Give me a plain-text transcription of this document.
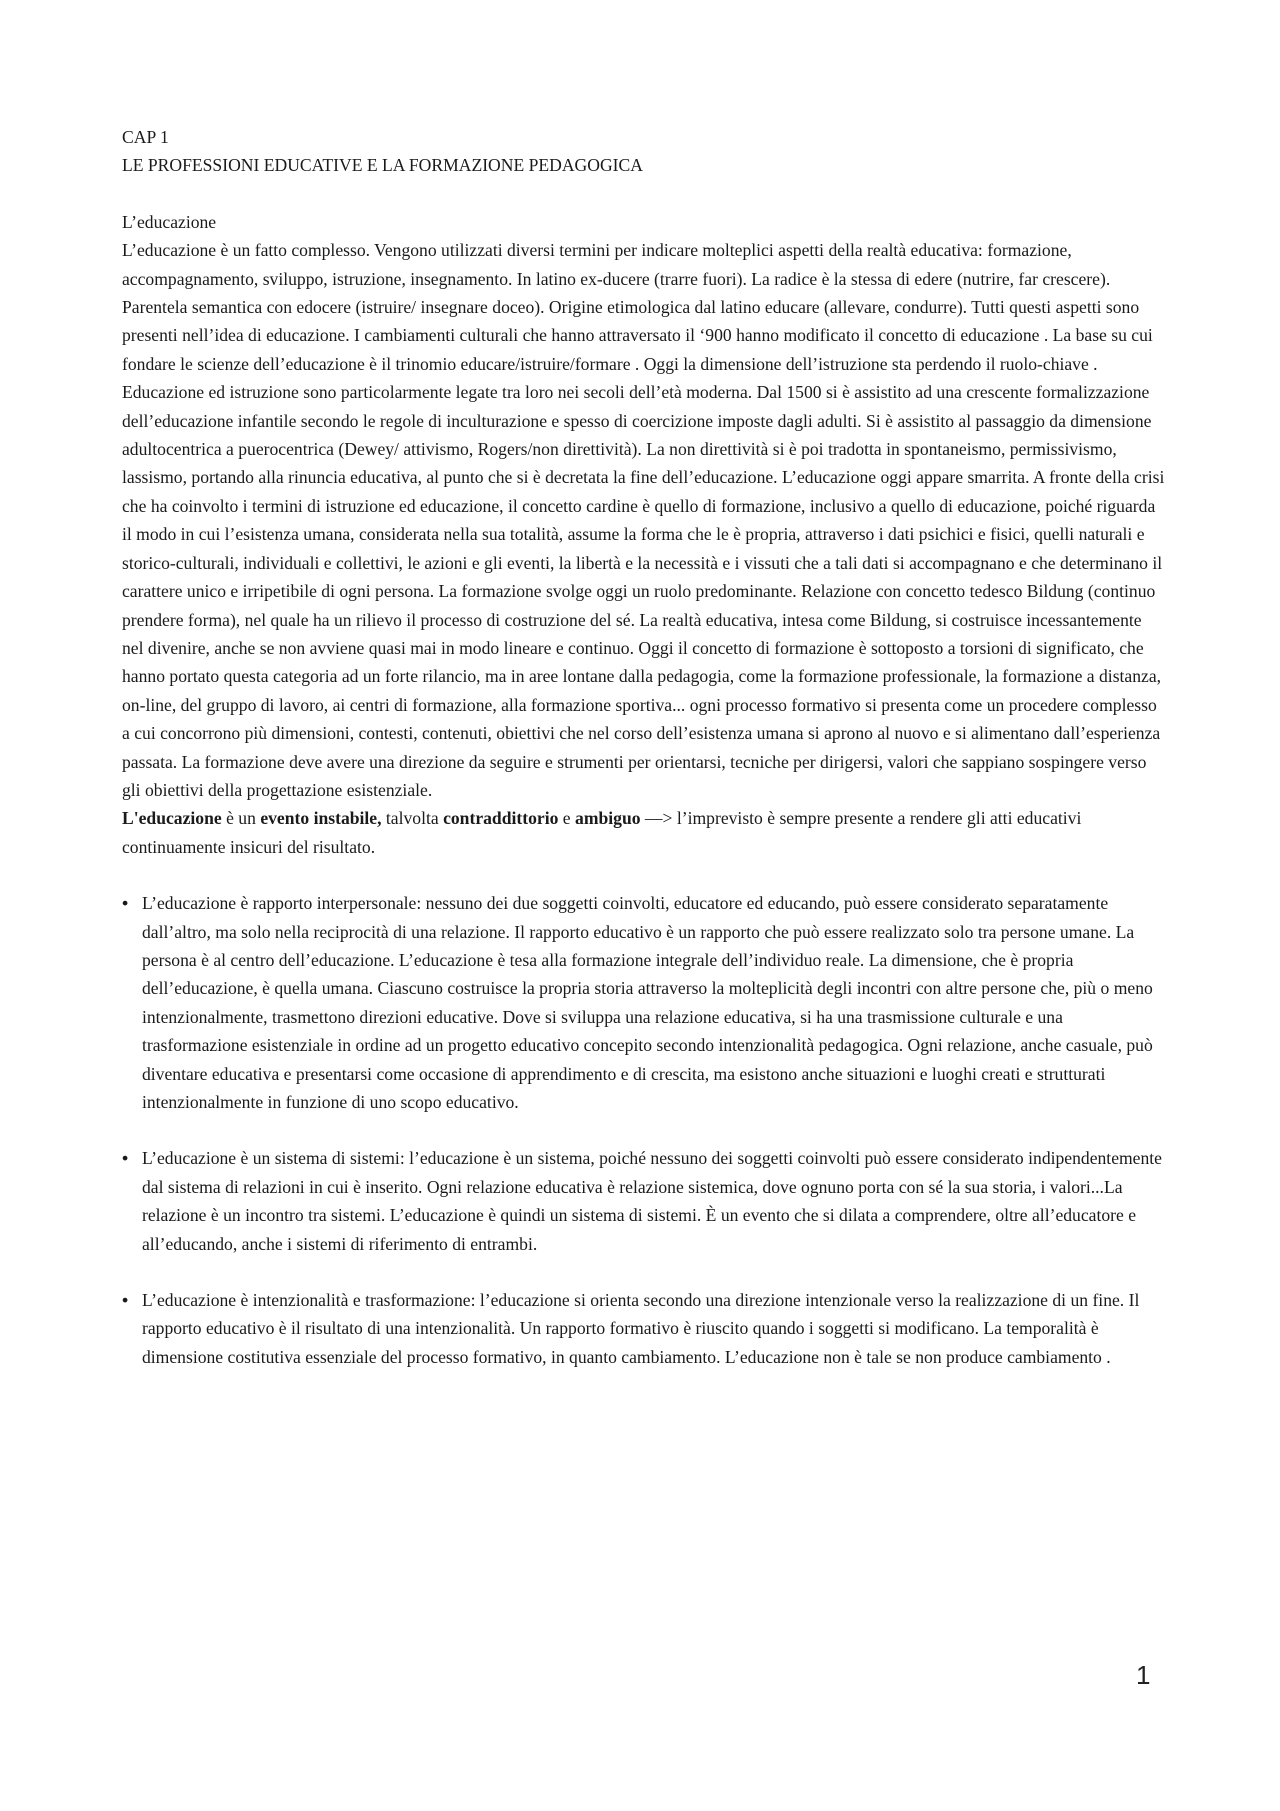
CAP 1

LE PROFESSIONI EDUCATIVE E LA FORMAZIONE PEDAGOGICA

L’educazione

L’educazione è un fatto complesso. Vengono utilizzati diversi termini per indicare molteplici aspetti della realtà educativa: formazione, accompagnamento, sviluppo, istruzione, insegnamento. In latino ex-ducere (trarre fuori). La radice è la stessa di edere (nutrire, far crescere). Parentela semantica con edocere (istruire/ insegnare doceo). Origine etimologica dal latino educare (allevare, condurre). Tutti questi aspetti sono presenti nell’idea di educazione. I cambiamenti culturali che hanno attraversato il ‘900 hanno modificato il concetto di educazione . La base su cui fondare le scienze dell’educazione è il trinomio educare/istruire/formare . Oggi la dimensione dell’istruzione sta perdendo il ruolo-chiave . Educazione ed istruzione sono particolarmente legate tra loro nei secoli dell’età moderna. Dal 1500 si è assistito ad una crescente formalizzazione dell’educazione infantile secondo le regole di inculturazione e spesso di coercizione imposte dagli adulti. Si è assistito al passaggio da dimensione adultocentrica a puerocentrica (Dewey/ attivismo, Rogers/non direttività). La non direttività si è poi tradotta in spontaneismo, permissivismo, lassismo, portando alla rinuncia educativa, al punto che si è decretata la fine dell’educazione. L’educazione oggi appare smarrita. A fronte della crisi che ha coinvolto i termini di istruzione ed educazione, il concetto cardine è quello di formazione, inclusivo a quello di educazione, poiché riguarda il modo in cui l’esistenza umana, considerata nella sua totalità, assume la forma che le è propria, attraverso i dati psichici e fisici, quelli naturali e storico-culturali, individuali e collettivi, le azioni e gli eventi, la libertà e la necessità e i vissuti che a tali dati si accompagnano e che determinano il carattere unico e irripetibile di ogni persona. La formazione svolge oggi un ruolo predominante. Relazione con concetto tedesco Bildung (continuo prendere forma), nel quale ha un rilievo il processo di costruzione del sé. La realtà educativa, intesa come Bildung, si costruisce incessantemente nel divenire, anche se non avviene quasi mai in modo lineare e continuo. Oggi il concetto di formazione è sottoposto a torsioni di significato, che hanno portato questa categoria ad un forte rilancio, ma in aree lontane dalla pedagogia, come la formazione professionale, la formazione a distanza, on-line, del gruppo di lavoro, ai centri di formazione, alla formazione sportiva... ogni processo formativo si presenta come un procedere complesso a cui concorrono più dimensioni, contesti, contenuti, obiettivi che nel corso dell’esistenza umana si aprono al nuovo e si alimentano dall’esperienza passata. La formazione deve avere una direzione da seguire e strumenti per orientarsi, tecniche per dirigersi, valori che sappiano sospingere verso gli obiettivi della progettazione esistenziale.

L'educazione è un evento instabile, talvolta contraddittorio e ambiguo —> l’imprevisto è sempre presente a rendere gli atti educativi continuamente insicuri del risultato.

• L’educazione è rapporto interpersonale: nessuno dei due soggetti coinvolti, educatore ed educando, può essere considerato separatamente dall’altro, ma solo nella reciprocità di una relazione. Il rapporto educativo è un rapporto che può essere realizzato solo tra persone umane. La persona è al centro dell’educazione. L’educazione è tesa alla formazione integrale dell’individuo reale. La dimensione, che è propria dell’educazione, è quella umana. Ciascuno costruisce la propria storia attraverso la molteplicità degli incontri con altre persone che, più o meno intenzionalmente, trasmettono direzioni educative. Dove si sviluppa una relazione educativa, si ha una trasmissione culturale e una trasformazione esistenziale in ordine ad un progetto educativo concepito secondo intenzionalità pedagogica. Ogni relazione, anche casuale, può diventare educativa e presentarsi come occasione di apprendimento e di crescita, ma esistono anche situazioni e luoghi creati e strutturati intenzionalmente in funzione di uno scopo educativo.
• L’educazione è un sistema di sistemi: l’educazione è un sistema, poiché nessuno dei soggetti coinvolti può essere considerato indipendentemente dal sistema di relazioni in cui è inserito. Ogni relazione educativa è relazione sistemica, dove ognuno porta con sé la sua storia, i valori...La relazione è un incontro tra sistemi. L’educazione è quindi un sistema di sistemi. È un evento che si dilata a comprendere, oltre all’educatore e all’educando, anche i sistemi di riferimento di entrambi.
• L’educazione è intenzionalità e trasformazione: l’educazione si orienta secondo una direzione intenzionale verso la realizzazione di un fine. Il rapporto educativo è il risultato di una intenzionalità. Un rapporto formativo è riuscito quando i soggetti si modificano. La temporalità è dimensione costitutiva essenziale del processo formativo, in quanto cambiamento. L’educazione non è tale se non produce cambiamento .
1
